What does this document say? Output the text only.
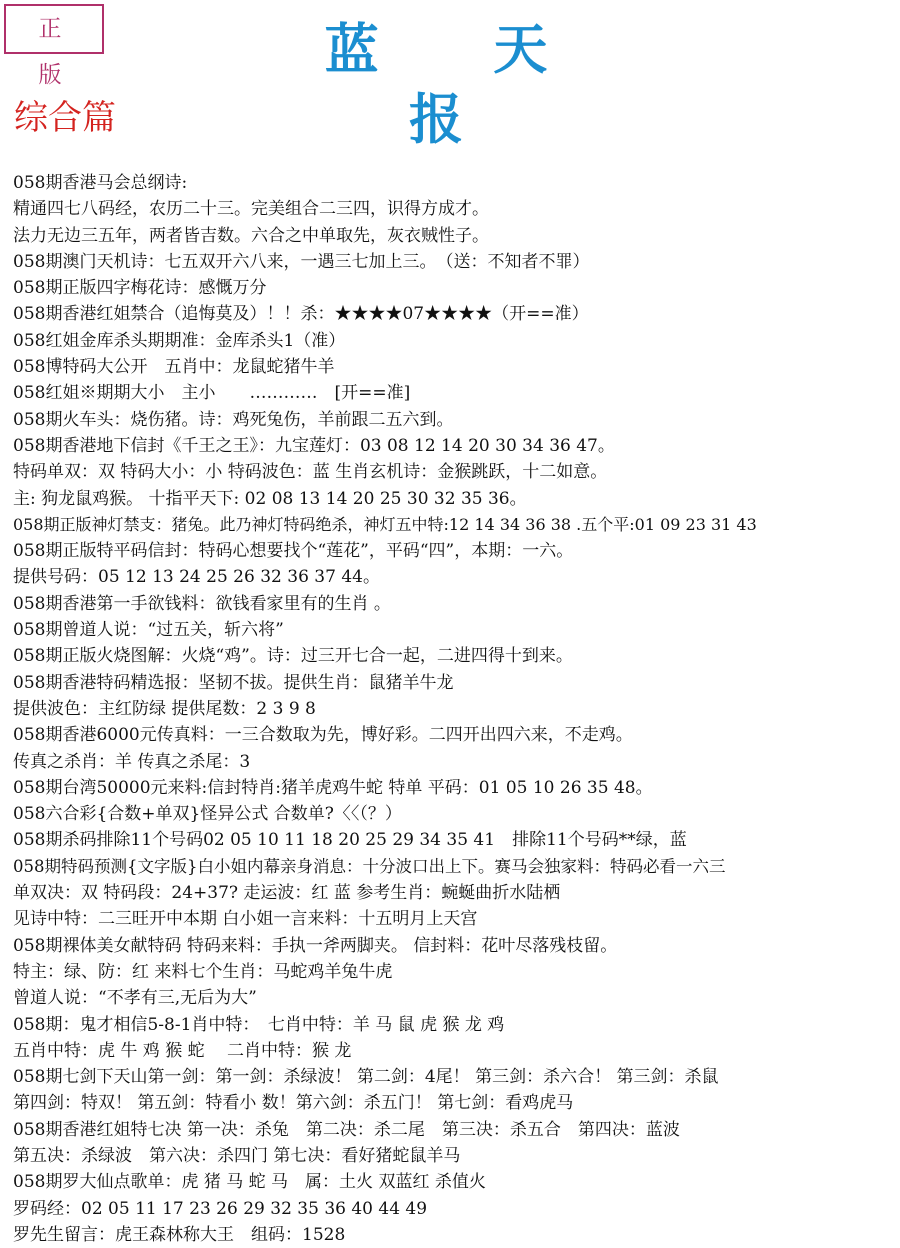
正 版	蓝 天 报
综合篇
058期香港马会总纲诗:
精通四七八码经，农历二十三。完美组合二三四，识得方成才。
法力无边三五年，两者皆吉数。六合之中单取先，灰衣贼性子。
058期澳门天机诗：七五双开六八来，一遇三七加上三。　（送：不知者不罪）
058期正版四字梅花诗：感慨万分
058期香港红姐禁合（追悔莫及）！！杀：★★★★07★★★★（开==准）
058红姐金库杀头期期准：金库杀头1（准）
058博特码大公开　五肖中：龙鼠蛇猪牛羊
058红姐※期期大小　主小　　…………　[开==准]
058期火车头：烧伤猪。诗：鸡死兔伤，羊前跟二五六到。
058期香港地下信封《千王之王》：九宝莲灯：03 08 12 14 20 30 34 36 47。
特码单双：双 特码大小：小 特码波色：蓝 生肖玄机诗：金猴跳跃，十二如意。
主: 狗龙鼠鸡猴。 十指平天下: 02 08 13 14 20 25 30 32 35 36。
058期正版神灯禁支：猪兔。此乃神灯特码绝杀，神灯五中特:12 14 34 36 38 .五个平:01 09 23 31 43
058期正版特平码信封：特码心想要找个“莲花”，平码“四”，本期：一六。
提供号码：05 12 13 24 25 26 32 36 37 44。
058期香港第一手欲钱料：欲钱看家里有的生肖 。
058期曾道人说：“过五关，斩六将”
058期正版火烧图解：火烧“鸡”。诗：过三开七合一起，二进四得十到来。
058期香港特码精选报：坚韧不拔。提供生肖：鼠猪羊牛龙
提供波色：主红防绿 提供尾数：2 3 9 8
058期香港6000元传真料：一三合数取为先，博好彩。二四开出四六来，不走鸡。
传真之杀肖：羊 传真之杀尾：3
058期台湾50000元来料:信封特肖:猪羊虎鸡牛蛇 特单 平码：01 05 10 26 35 48。
058六合彩{合数+单双}怪异公式 合数单?〈〈（？）
058期杀码排除11个号码02 05 10 11 18 20 25 29 34 35 41　排除11个号码**绿，蓝
058期特码预测{文字版}白小姐内幕亲身消息：十分波口出上下。赛马会独家料：特码必看一六三
单双决：双 特码段：24+37? 走运波：红 蓝 参考生肖：蜿蜒曲折水陆栖
见诗中特：二三旺开中本期 白小姐一言来料：十五明月上天宫
058期裸体美女献特码 特码来料：手执一斧两脚夹。 信封料：花叶尽落残枝留。
特主：绿、防：红 来料七个生肖：马蛇鸡羊兔牛虎
曾道人说：“不孝有三,无后为大”
058期：鬼才相信5-8-1肖中特：　七肖中特：羊 马 鼠 虎 猴 龙 鸡
五肖中特：虎 牛 鸡 猴 蛇　 二肖中特：猴 龙
058期七剑下天山第一剑：第一剑：杀绿波！ 第二剑：4尾！ 第三剑：杀六合！ 第三剑：杀鼠
第四剑：特双！ 第五剑：特看小 数！第六剑：杀五门！ 第七剑：看鸡虎马
058期香港红姐特七决 第一决：杀兔　第二决：杀二尾　第三决：杀五合　第四决：蓝波
第五决：杀绿波　第六决：杀四门 第七决：看好猪蛇鼠羊马
058期罗大仙点歌单：虎 猪 马 蛇 马　属：土火 双蓝红 杀值火
罗码经：02 05 11 17 23 26 29 32 35 36 40 44 49
罗先生留言：虎王森林称大王　组码：1528
